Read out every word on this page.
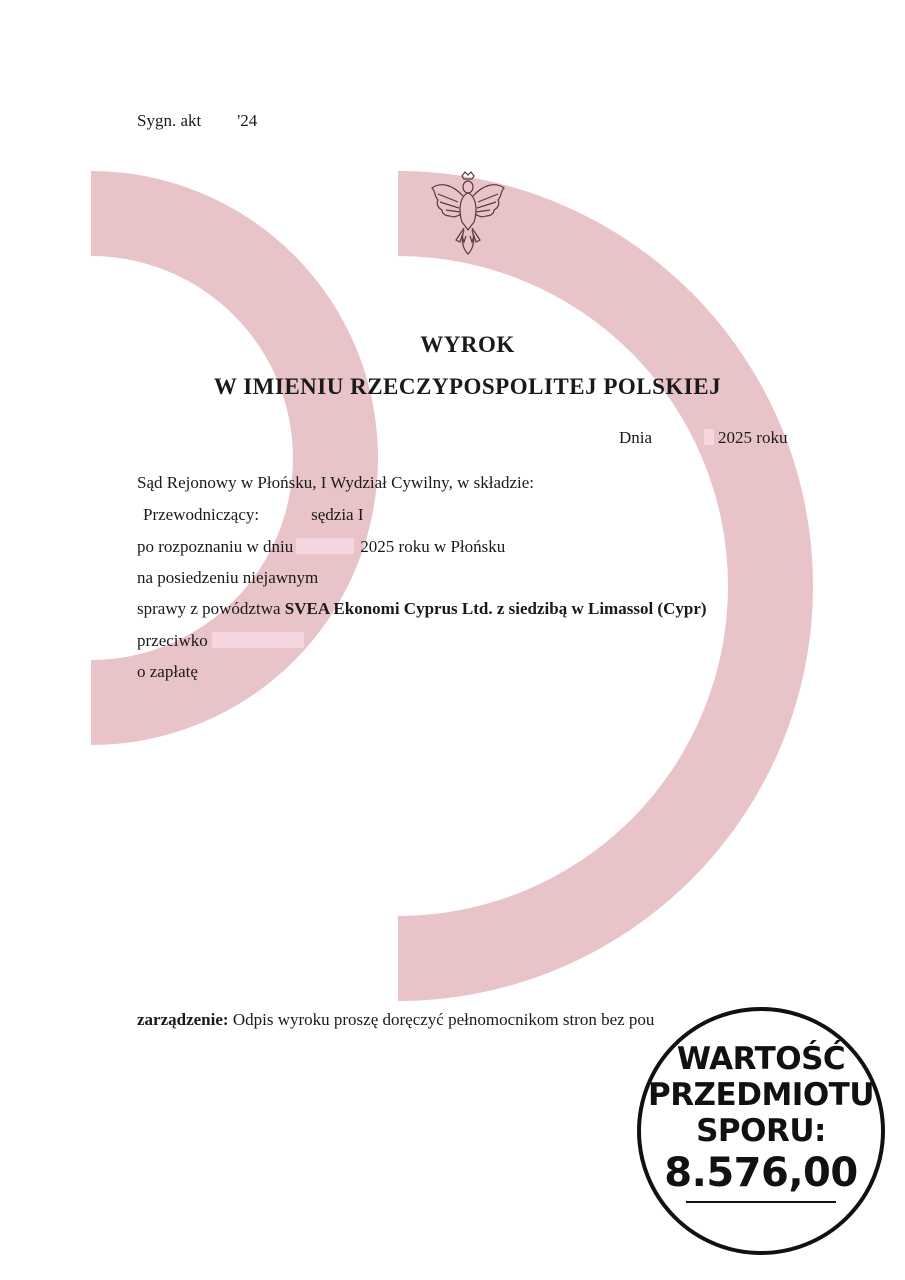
Sygn. akt '24
WYROK
W IMIENIU RZECZYPOSPOLITEJ POLSKIEJ
Dnia	2025 roku
Sąd Rejonowy w Płońsku, I Wydział Cywilny, w składzie:
Przewodniczący:	sędzia I
po rozpoznaniu w dniu	2025 roku w Płońsku
na posiedzeniu niejawnym
sprawy z powództwa SVEA Ekonomi Cyprus Ltd. z siedzibą w Limassol (Cypr)
przeciwko
o zapłatę
zarządzenie: Odpis wyroku proszę doręczyć pełnomocnikom stron bez pou
WARTOŚĆ
PRZEDMIOTU
SPORU:
8.576,00
